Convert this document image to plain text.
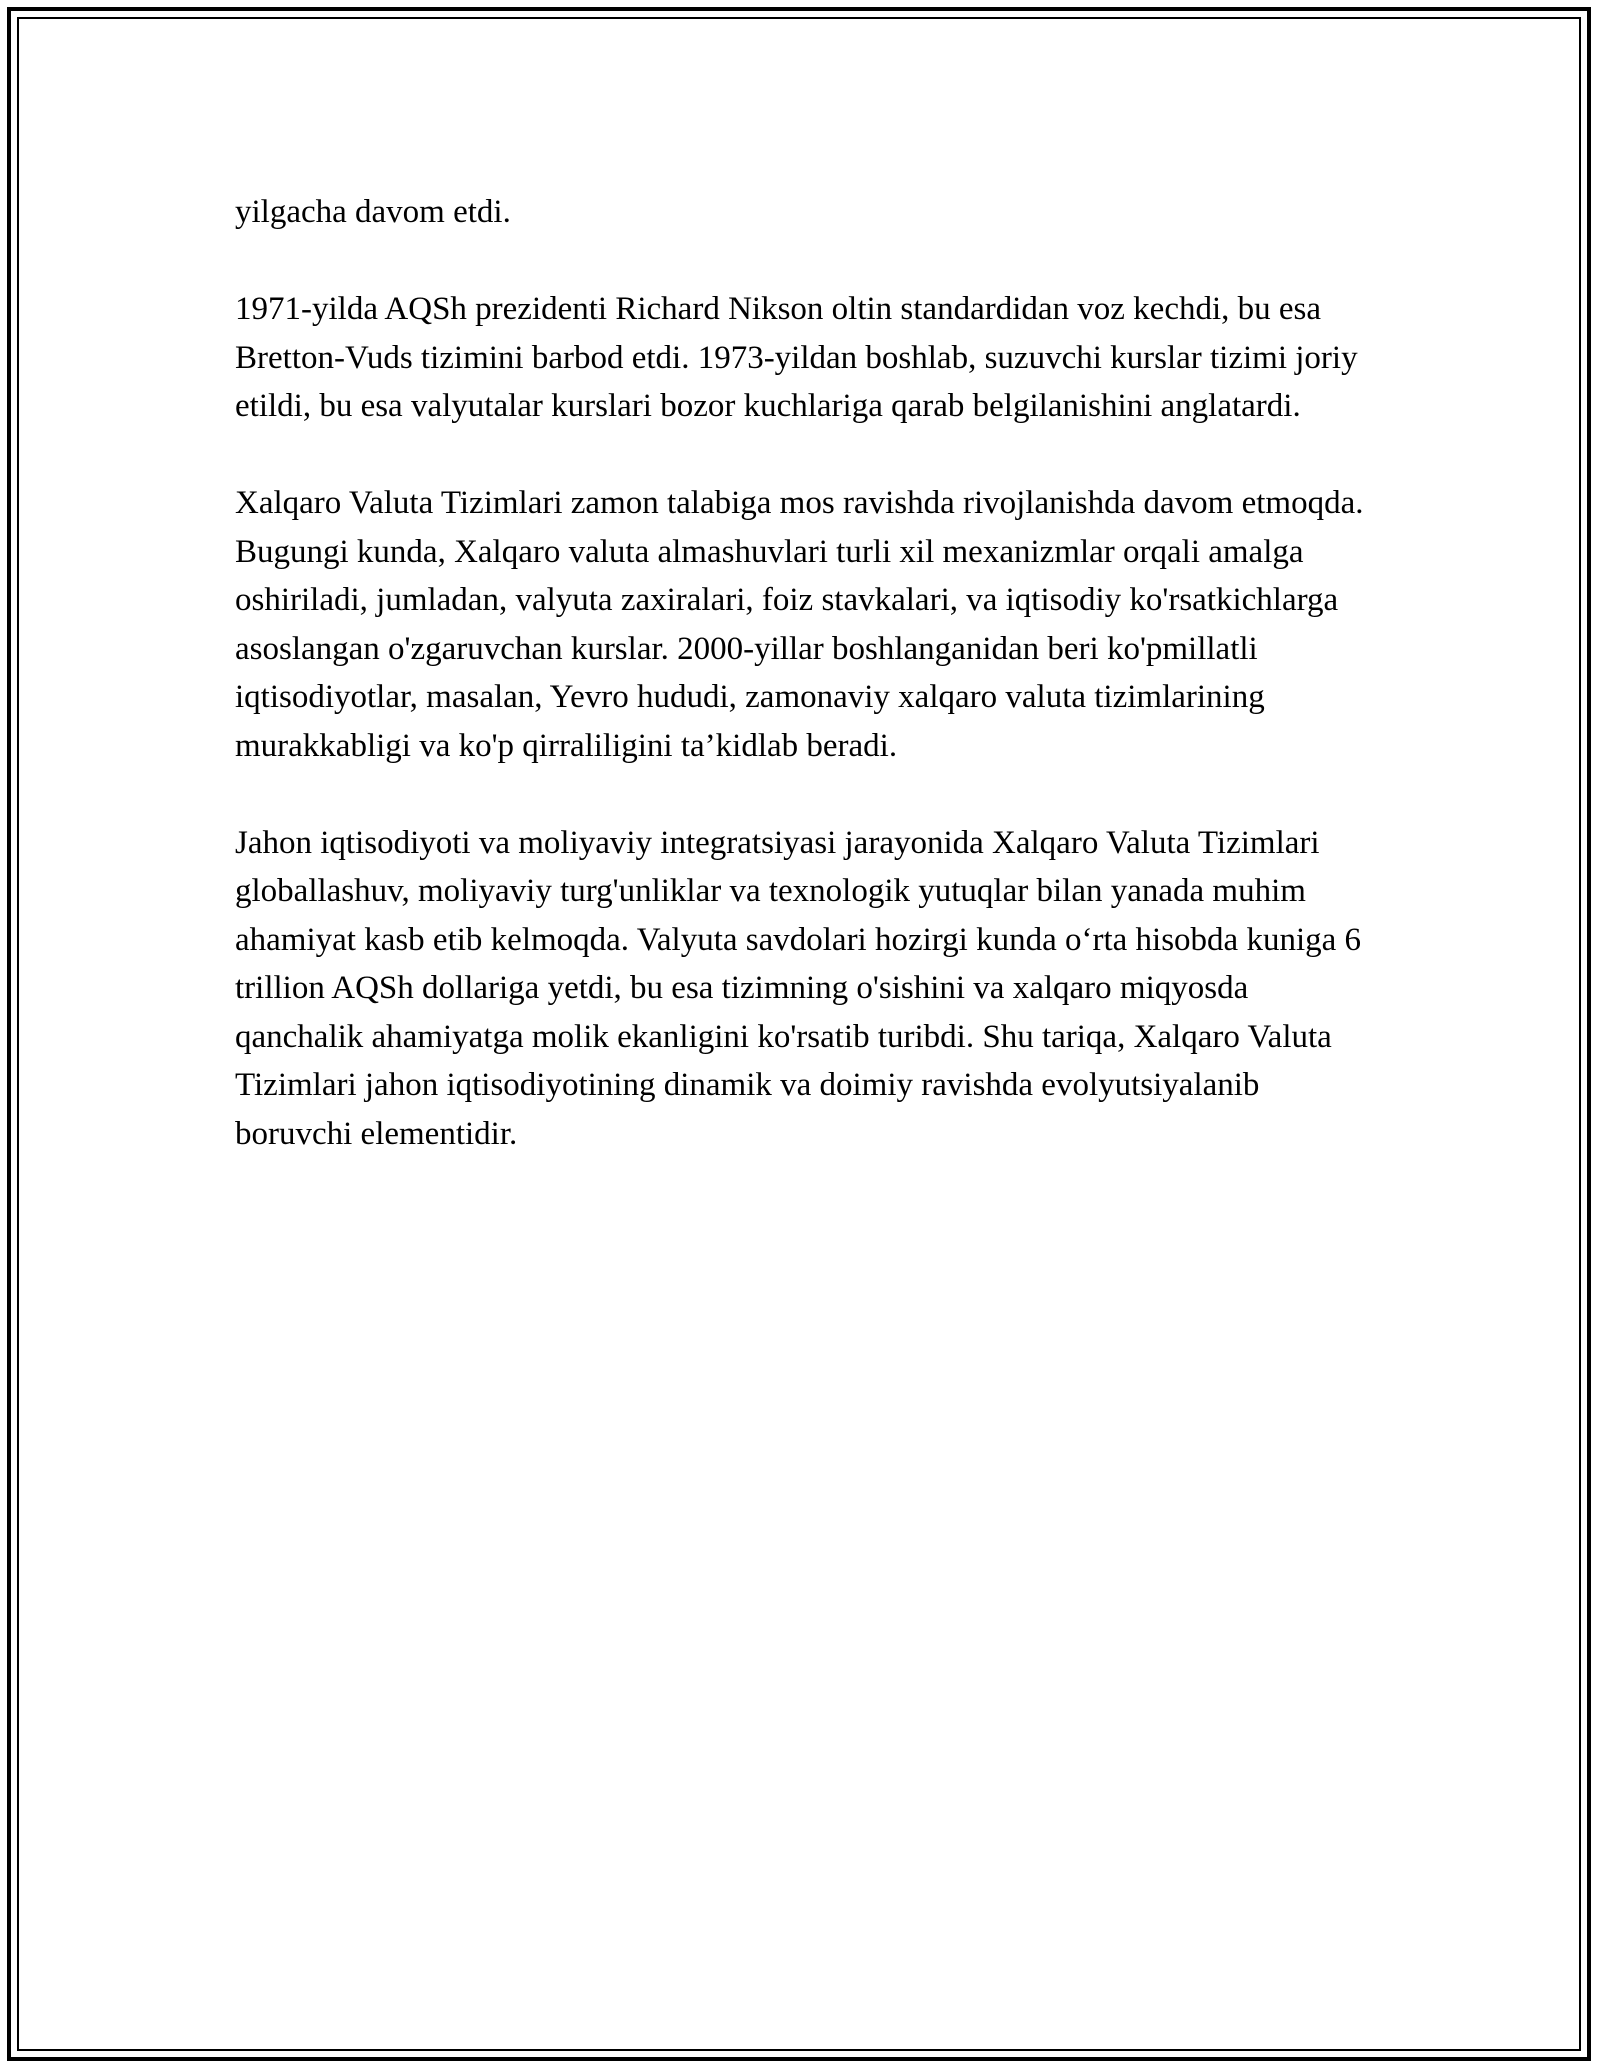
yilgacha davom etdi.

1971-yilda AQSh prezidenti Richard Nikson oltin standardidan voz kechdi, bu esa Bretton-Vuds tizimini barbod etdi. 1973-yildan boshlab, suzuvchi kurslar tizimi joriy etildi, bu esa valyutalar kurslari bozor kuchlariga qarab belgilanishini anglatardi.

Xalqaro Valuta Tizimlari zamon talabiga mos ravishda rivojlanishda davom etmoqda. Bugungi kunda, Xalqaro valuta almashuvlari turli xil mexanizmlar orqali amalga oshiriladi, jumladan, valyuta zaxiralari, foiz stavkalari, va iqtisodiy ko'rsatkichlarga asoslangan o'zgaruvchan kurslar. 2000-yillar boshlanganidan beri ko'pmillatli iqtisodiyotlar, masalan, Yevro hududi, zamonaviy xalqaro valuta tizimlarining murakkabligi va ko'p qirraliligini ta’kidlab beradi.

Jahon iqtisodiyoti va moliyaviy integratsiyasi jarayonida Xalqaro Valuta Tizimlari globallashuv, moliyaviy turg'unliklar va texnologik yutuqlar bilan yanada muhim ahamiyat kasb etib kelmoqda. Valyuta savdolari hozirgi kunda o‘rta hisobda kuniga 6 trillion AQSh dollariga yetdi, bu esa tizimning o'sishini va xalqaro miqyosda qanchalik ahamiyatga molik ekanligini ko'rsatib turibdi. Shu tariqa, Xalqaro Valuta Tizimlari jahon iqtisodiyotining dinamik va doimiy ravishda evolyutsiyalanib boruvchi elementidir.
